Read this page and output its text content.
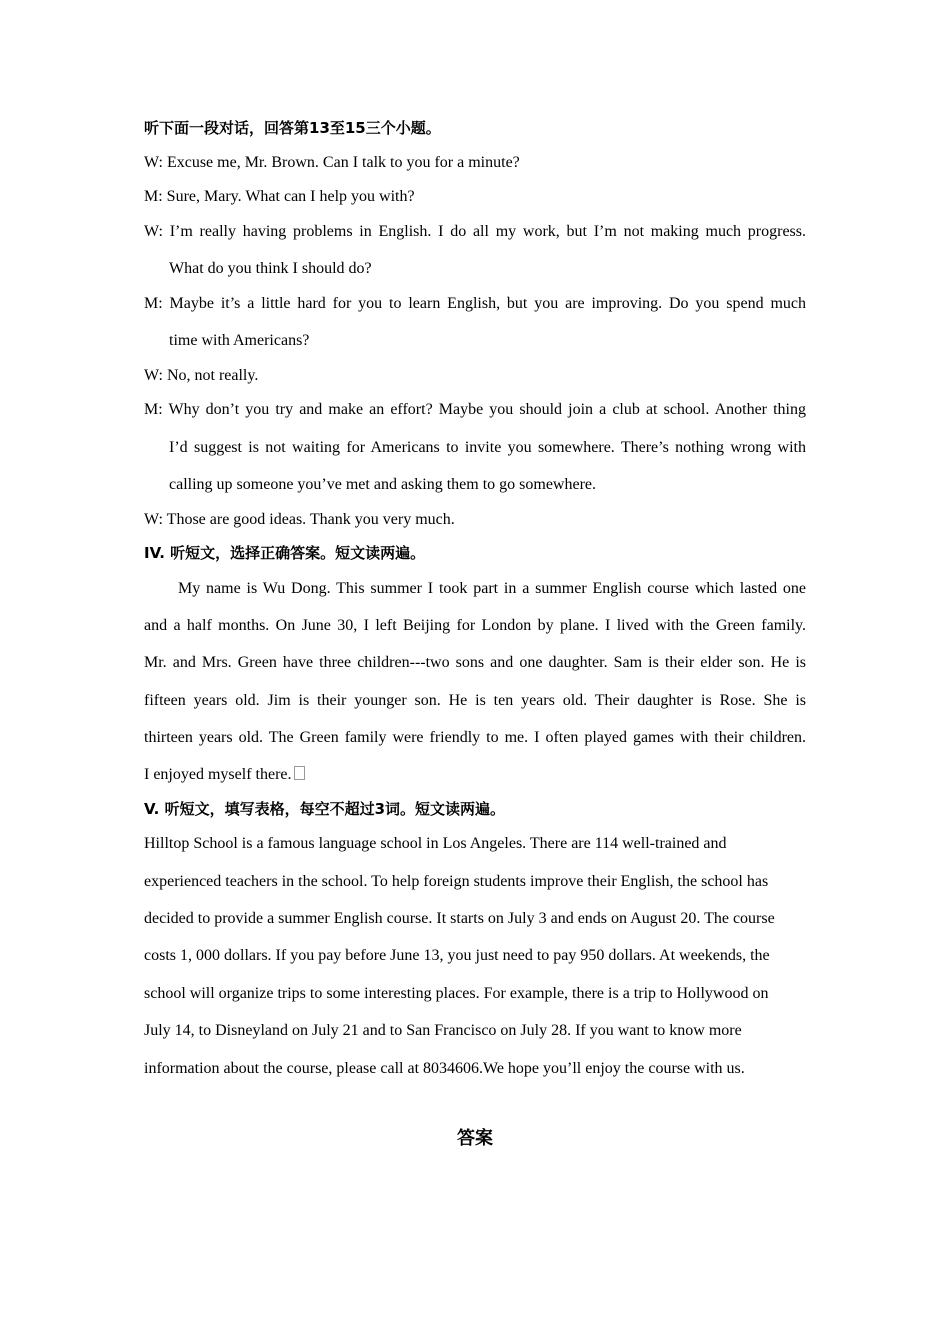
听下面一段对话，回答第13至15三个小题。
W: Excuse me, Mr. Brown. Can I talk to you for a minute?
M: Sure, Mary. What can I help you with?
W: I’m really having problems in English. I do all my work, but I’m not making much progress.
What do you think I should do?
M: Maybe it’s a little hard for you to learn English, but you are improving. Do you spend much
time with Americans?
W: No, not really.
M: Why don’t you try and make an effort? Maybe you should join a club at school. Another thing
I’d suggest is not waiting for Americans to invite you somewhere. There’s nothing wrong with
calling up someone you’ve met and asking them to go somewhere.
W: Those are good ideas. Thank you very much.
IV. 听短文，选择正确答案。短文读两遍。
My name is Wu Dong. This summer I took part in a summer English course which lasted one
and a half months. On June 30, I left Beijing for London by plane. I lived with the Green family.
Mr. and Mrs. Green have three children---two sons and one daughter. Sam is their elder son. He is
fifteen years old. Jim is their younger son. He is ten years old. Their daughter is Rose. She is
thirteen years old. The Green family were friendly to me. I often played games with their children.
I enjoyed myself there.
V. 听短文，填写表格，每空不超过3词。短文读两遍。
Hilltop School is a famous language school in Los Angeles. There are 114 well-trained and
experienced teachers in the school. To help foreign students improve their English, the school has
decided to provide a summer English course. It starts on July 3 and ends on August 20. The course
costs 1, 000 dollars. If you pay before June 13, you just need to pay 950 dollars. At weekends, the
school will organize trips to some interesting places. For example, there is a trip to Hollywood on
July 14, to Disneyland on July 21 and to San Francisco on July 28. If you want to know more
information about the course, please call at 8034606.We hope you’ll enjoy the course with us.
答案
